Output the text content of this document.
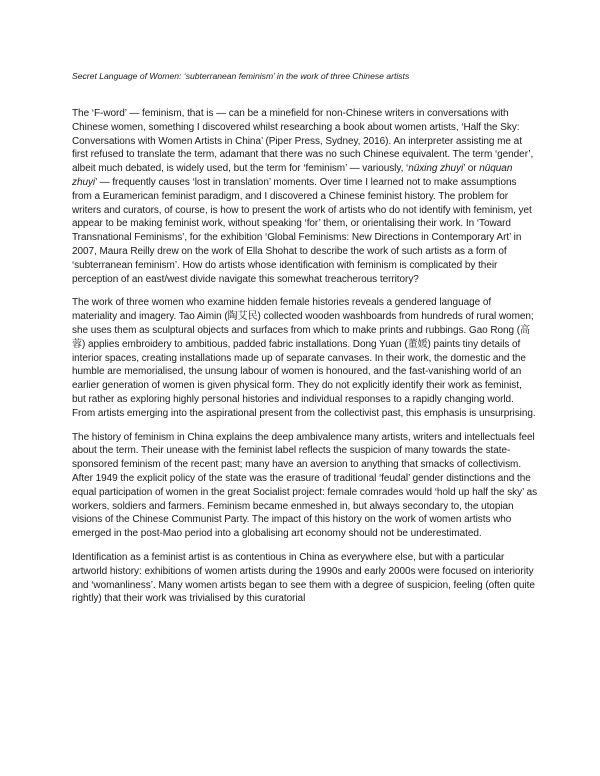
Secret Language of Women: ‘subterranean feminism’ in the work of three Chinese artists

The ‘F-word’ — feminism, that is — can be a minefield for non-Chinese writers in conversations with Chinese women, something I discovered whilst researching a book about women artists, ‘Half the Sky: Conversations with Women Artists in China’ (Piper Press, Sydney, 2016). An interpreter assisting me at first refused to translate the term, adamant that there was no such Chinese equivalent. The term ‘gender’, albeit much debated, is widely used, but the term for ‘feminism’ — variously, ‘nüxing zhuyi’ or nüquan zhuyi’ — frequently causes ‘lost in translation’ moments. Over time I learned not to make assumptions from a Euramerican feminist paradigm, and I discovered a Chinese feminist history. The problem for writers and curators, of course, is how to present the work of artists who do not identify with feminism, yet appear to be making feminist work, without speaking ‘for’ them, or orientalising their work. In ‘Toward Transnational Feminisms’, for the exhibition ‘Global Feminisms: New Directions in Contemporary Art’ in 2007, Maura Reilly drew on the work of Ella Shohat to describe the work of such artists as a form of ‘subterranean feminism’. How do artists whose identification with feminism is complicated by their perception of an east/west divide navigate this somewhat treacherous territory?

The work of three women who examine hidden female histories reveals a gendered language of materiality and imagery. Tao Aimin (陶艾民) collected wooden washboards from hundreds of rural women; she uses them as sculptural objects and surfaces from which to make prints and rubbings. Gao Rong (高蓉) applies embroidery to ambitious, padded fabric installations. Dong Yuan (董媛) paints tiny details of interior spaces, creating installations made up of separate canvases. In their work, the domestic and the humble are memorialised, the unsung labour of women is honoured, and the fast-vanishing world of an earlier generation of women is given physical form. They do not explicitly identify their work as feminist, but rather as exploring highly personal histories and individual responses to a rapidly changing world. From artists emerging into the aspirational present from the collectivist past, this emphasis is unsurprising.

The history of feminism in China explains the deep ambivalence many artists, writers and intellectuals feel about the term. Their unease with the feminist label reflects the suspicion of many towards the state-sponsored feminism of the recent past; many have an aversion to anything that smacks of collectivism. After 1949 the explicit policy of the state was the erasure of traditional ‘feudal’ gender distinctions and the equal participation of women in the great Socialist project: female comrades would ‘hold up half the sky’ as workers, soldiers and farmers. Feminism became enmeshed in, but always secondary to, the utopian visions of the Chinese Communist Party. The impact of this history on the work of women artists who emerged in the post-Mao period into a globalising art economy should not be underestimated.

Identification as a feminist artist is as contentious in China as everywhere else, but with a particular artworld history: exhibitions of women artists during the 1990s and early 2000s were focused on interiority and ‘womanliness’. Many women artists began to see them with a degree of suspicion, feeling (often quite rightly) that their work was trivialised by this curatorial
